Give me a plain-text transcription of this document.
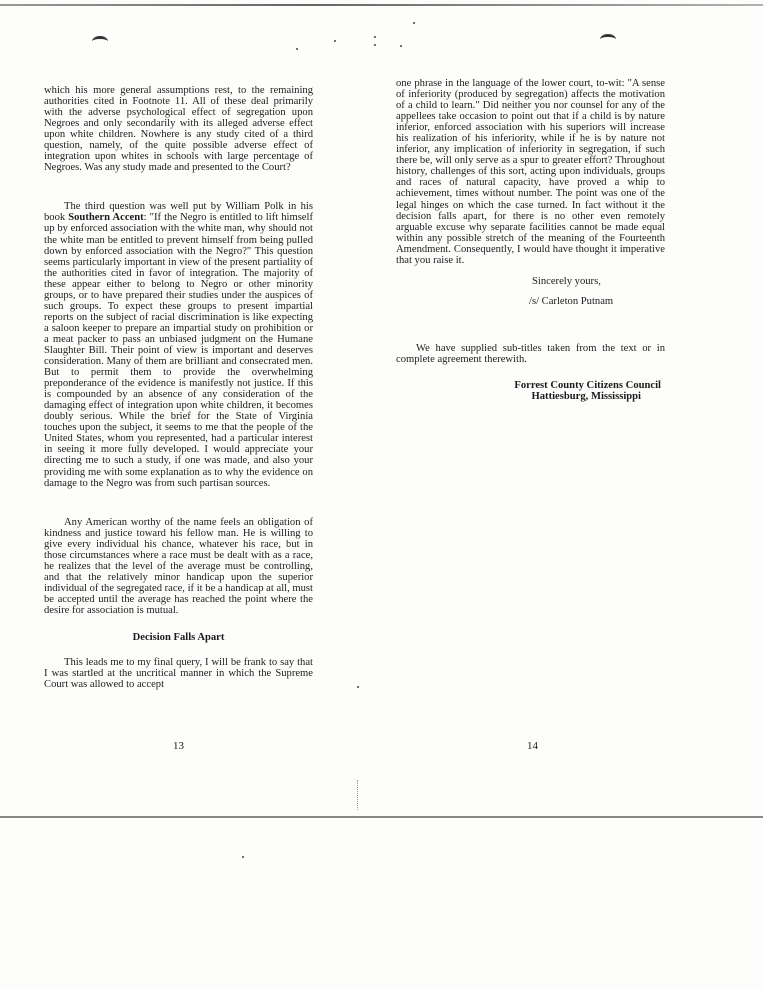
which his more general assumptions rest, to the remaining authorities cited in Footnote 11. All of these deal primarily with the adverse psychological effect of segregation upon Negroes and only secondarily with its alleged adverse effect upon white children. Nowhere is any study cited of a third question, namely, of the quite possible adverse effect of integration upon whites in schools with large percentage of Negroes. Was any study made and presented to the Court?

The third question was well put by William Polk in his book Southern Accent: "If the Negro is entitled to lift himself up by enforced association with the white man, why should not the white man be entitled to prevent himself from being pulled down by enforced association with the Negro?" This question seems particularly important in view of the present partiality of the authorities cited in favor of integration. The majority of these appear either to belong to Negro or other minority groups, or to have prepared their studies under the auspices of such groups. To expect these groups to present impartial reports on the subject of racial discrimination is like expecting a saloon keeper to prepare an impartial study on prohibition or a meat packer to pass an unbiased judgment on the Humane Slaughter Bill. Their point of view is important and deserves consideration. Many of them are brilliant and consecrated men. But to permit them to provide the overwhelming preponderance of the evidence is manifestly not justice. If this is compounded by an absence of any consideration of the damaging effect of integration upon white children, it becomes doubly serious. While the brief for the State of Virginia touches upon the subject, it seems to me that the people of the United States, whom you represented, had a particular interest in seeing it more fully developed. I would appreciate your directing me to such a study, if one was made, and also your providing me with some explanation as to why the evidence on damage to the Negro was from such partisan sources.

Any American worthy of the name feels an obligation of kindness and justice toward his fellow man. He is willing to give every individual his chance, whatever his race, but in those circumstances where a race must be dealt with as a race, he realizes that the level of the average must be controlling, and that the relatively minor handicap upon the superior individual of the segregated race, if it be a handicap at all, must be accepted until the average has reached the point where the desire for association is mutual.

Decision Falls Apart

This leads me to my final query, I will be frank to say that I was startled at the uncritical manner in which the Supreme Court was allowed to accept

13

one phrase in the language of the lower court, to-wit: "A sense of inferiority (produced by segregation) affects the motivation of a child to learn." Did neither you nor counsel for any of the appellees take occasion to point out that if a child is by nature inferior, enforced association with his superiors will increase his realization of his inferiority, while if he is by nature not inferior, any implication of inferiority in segregation, if such there be, will only serve as a spur to greater effort? Throughout history, challenges of this sort, acting upon individuals, groups and races of natural capacity, have proved a whip to achievement, times without number. The point was one of the legal hinges on which the case turned. In fact without it the decision falls apart, for there is no other even remotely arguable excuse why separate facilities cannot be made equal within any possible stretch of the meaning of the Fourteenth Amendment. Consequently, I would have thought it imperative that you raise it.

Sincerely yours,

/s/ Carleton Putnam

We have supplied sub-titles taken from the text or in complete agreement therewith.

Forrest County Citizens Council

Hattiesburg, Mississippi

14
